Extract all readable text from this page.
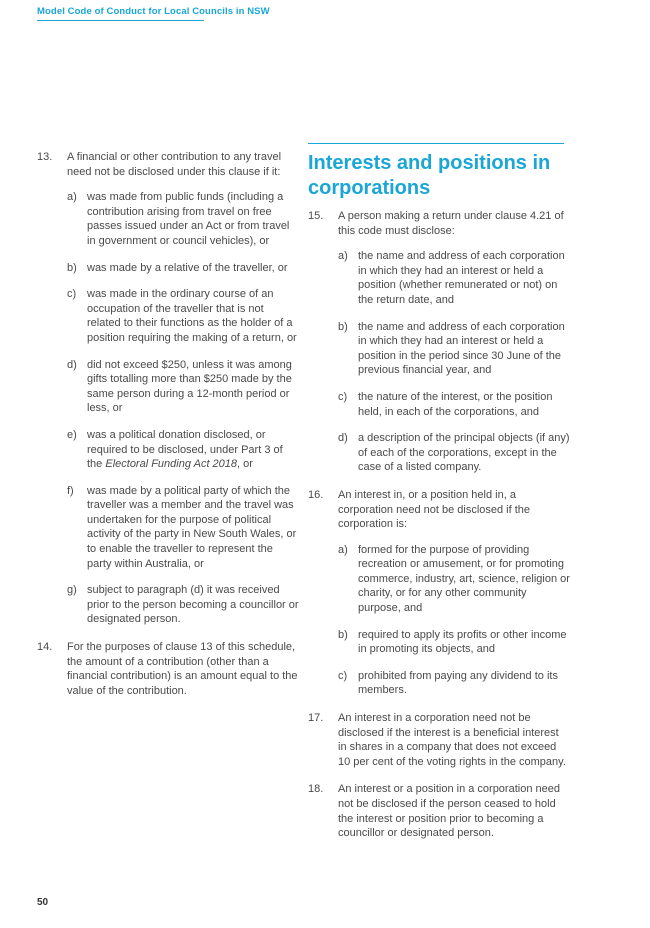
Model Code of Conduct for Local Councils in NSW
13. A financial or other contribution to any travel need not be disclosed under this clause if it:
a) was made from public funds (including a contribution arising from travel on free passes issued under an Act or from travel in government or council vehicles), or
b) was made by a relative of the traveller, or
c) was made in the ordinary course of an occupation of the traveller that is not related to their functions as the holder of a position requiring the making of a return, or
d) did not exceed $250, unless it was among gifts totalling more than $250 made by the same person during a 12-month period or less, or
e) was a political donation disclosed, or required to be disclosed, under Part 3 of the Electoral Funding Act 2018, or
f) was made by a political party of which the traveller was a member and the travel was undertaken for the purpose of political activity of the party in New South Wales, or to enable the traveller to represent the party within Australia, or
g) subject to paragraph (d) it was received prior to the person becoming a councillor or designated person.
14. For the purposes of clause 13 of this schedule, the amount of a contribution (other than a financial contribution) is an amount equal to the value of the contribution.
Interests and positions in corporations
15. A person making a return under clause 4.21 of this code must disclose:
a) the name and address of each corporation in which they had an interest or held a position (whether remunerated or not) on the return date, and
b) the name and address of each corporation in which they had an interest or held a position in the period since 30 June of the previous financial year, and
c) the nature of the interest, or the position held, in each of the corporations, and
d) a description of the principal objects (if any) of each of the corporations, except in the case of a listed company.
16. An interest in, or a position held in, a corporation need not be disclosed if the corporation is:
a) formed for the purpose of providing recreation or amusement, or for promoting commerce, industry, art, science, religion or charity, or for any other community purpose, and
b) required to apply its profits or other income in promoting its objects, and
c) prohibited from paying any dividend to its members.
17. An interest in a corporation need not be disclosed if the interest is a beneficial interest in shares in a company that does not exceed 10 per cent of the voting rights in the company.
18. An interest or a position in a corporation need not be disclosed if the person ceased to hold the interest or position prior to becoming a councillor or designated person.
50
